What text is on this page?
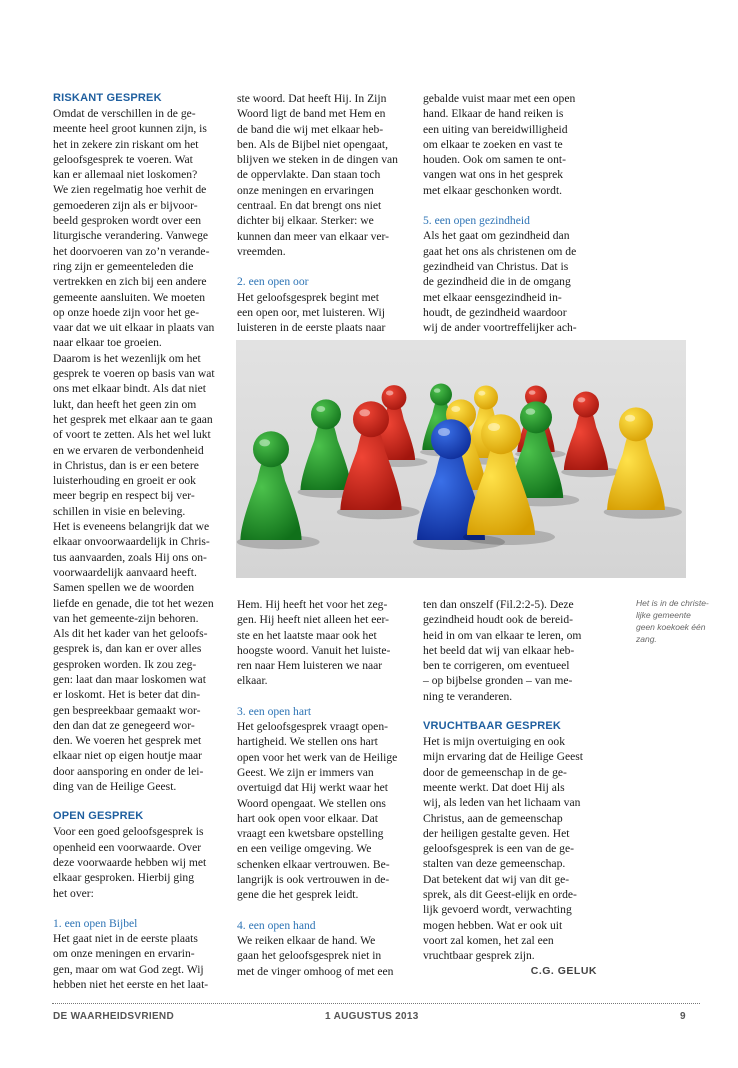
RISKANT GESPREK
Omdat de verschillen in de ge-
meente heel groot kunnen zijn, is
het in zekere zin riskant om het
geloofsgesprek te voeren. Wat
kan er allemaal niet loskomen?
We zien regelmatig hoe verhit de
gemoederen zijn als er bijvoor-
beeld gesproken wordt over een
liturgische verandering. Vanwege
het doorvoeren van zo’n verande-
ring zijn er gemeenteleden die
vertrekken en zich bij een andere
gemeente aansluiten. We moeten
op onze hoede zijn voor het ge-
vaar dat we uit elkaar in plaats van
naar elkaar toe groeien.
Daarom is het wezenlijk om het
gesprek te voeren op basis van wat
ons met elkaar bindt. Als dat niet
lukt, dan heeft het geen zin om
het gesprek met elkaar aan te gaan
of voort te zetten. Als het wel lukt
en we ervaren de verbondenheid
in Christus, dan is er een betere
luisterhouding en groeit er ook
meer begrip en respect bij ver-
schillen in visie en beleving.
Het is eveneens belangrijk dat we
elkaar onvoorwaardelijk in Chris-
tus aanvaarden, zoals Hij ons on-
voorwaardelijk aanvaard heeft.
Samen spellen we de woorden
liefde en genade, die tot het wezen
van het gemeente-zijn behoren.
Als dit het kader van het geloofs-
gesprek is, dan kan er over alles
gesproken worden. Ik zou zeg-
gen: laat dan maar loskomen wat
er loskomt. Het is beter dat din-
gen bespreekbaar gemaakt wor-
den dan dat ze genegeerd wor-
den. We voeren het gesprek met
elkaar niet op eigen houtje maar
door aansporing en onder de lei-
ding van de Heilige Geest.
OPEN GESPREK
Voor een goed geloofsgesprek is
openheid een voorwaarde. Over
deze voorwaarde hebben wij met
elkaar gesproken. Hierbij ging
het over:
1. een open Bijbel
Het gaat niet in de eerste plaats
om onze meningen en ervarin-
gen, maar om wat God zegt. Wij
hebben niet het eerste en het laat-
ste woord. Dat heeft Hij. In Zijn
Woord ligt de band met Hem en
de band die wij met elkaar heb-
ben. Als de Bijbel niet opengaat,
blijven we steken in de dingen van
de oppervlakte. Dan staan toch
onze meningen en ervaringen
centraal. En dat brengt ons niet
dichter bij elkaar. Sterker: we
kunnen dan meer van elkaar ver-
vreemden.
2. een open oor
Het geloofsgesprek begint met
een open oor, met luisteren. Wij
luisteren in de eerste plaats naar
gebalde vuist maar met een open
hand. Elkaar de hand reiken is
een uiting van bereidwilligheid
om elkaar te zoeken en vast te
houden. Ook om samen te ont-
vangen wat ons in het gesprek
met elkaar geschonken wordt.
5. een open gezindheid
Als het gaat om gezindheid dan
gaat het ons als christenen om de
gezindheid van Christus. Dat is
de gezindheid die in de omgang
met elkaar eensgezindheid in-
houdt, de gezindheid waardoor
wij de ander voortreffelijker ach-
Hem. Hij heeft het voor het zeg-
gen. Hij heeft niet alleen het eer-
ste en het laatste maar ook het
hoogste woord. Vanuit het luiste-
ren naar Hem luisteren we naar
elkaar.
3. een open hart
Het geloofsgesprek vraagt open-
hartigheid. We stellen ons hart
open voor het werk van de Heilige
Geest. We zijn er immers van
overtuigd dat Hij werkt waar het
Woord opengaat. We stellen ons
hart ook open voor elkaar. Dat
vraagt een kwetsbare opstelling
en een veilige omgeving. We
schenken elkaar vertrouwen. Be-
langrijk is ook vertrouwen in de-
gene die het gesprek leidt.
4. een open hand
We reiken elkaar de hand. We
gaan het geloofsgesprek niet in
met de vinger omhoog of met een
ten dan onszelf (Fil.2:2-5). Deze
gezindheid houdt ook de bereid-
heid in om van elkaar te leren, om
het beeld dat wij van elkaar heb-
ben te corrigeren, om eventueel
– op bijbelse gronden – van me-
ning te veranderen.
VRUCHTBAAR GESPREK
Het is mijn overtuiging en ook
mijn ervaring dat de Heilige Geest
door de gemeenschap in de ge-
meente werkt. Dat doet Hij als
wij, als leden van het lichaam van
Christus, aan de gemeenschap
der heiligen gestalte geven. Het
geloofsgesprek is een van de ge-
stalten van deze gemeenschap.
Dat betekent dat wij van dit ge-
sprek, als dit Geest-elijk en orde-
lijk gevoerd wordt, verwachting
mogen hebben. Wat er ook uit
voort zal komen, het zal een
vruchtbaar gesprek zijn.
C.G. GELUK
Het is in de christe-
lijke gemeente
geen koekoek één
zang.
DE WAARHEIDSVRIEND	1 AUGUSTUS 2013	9
